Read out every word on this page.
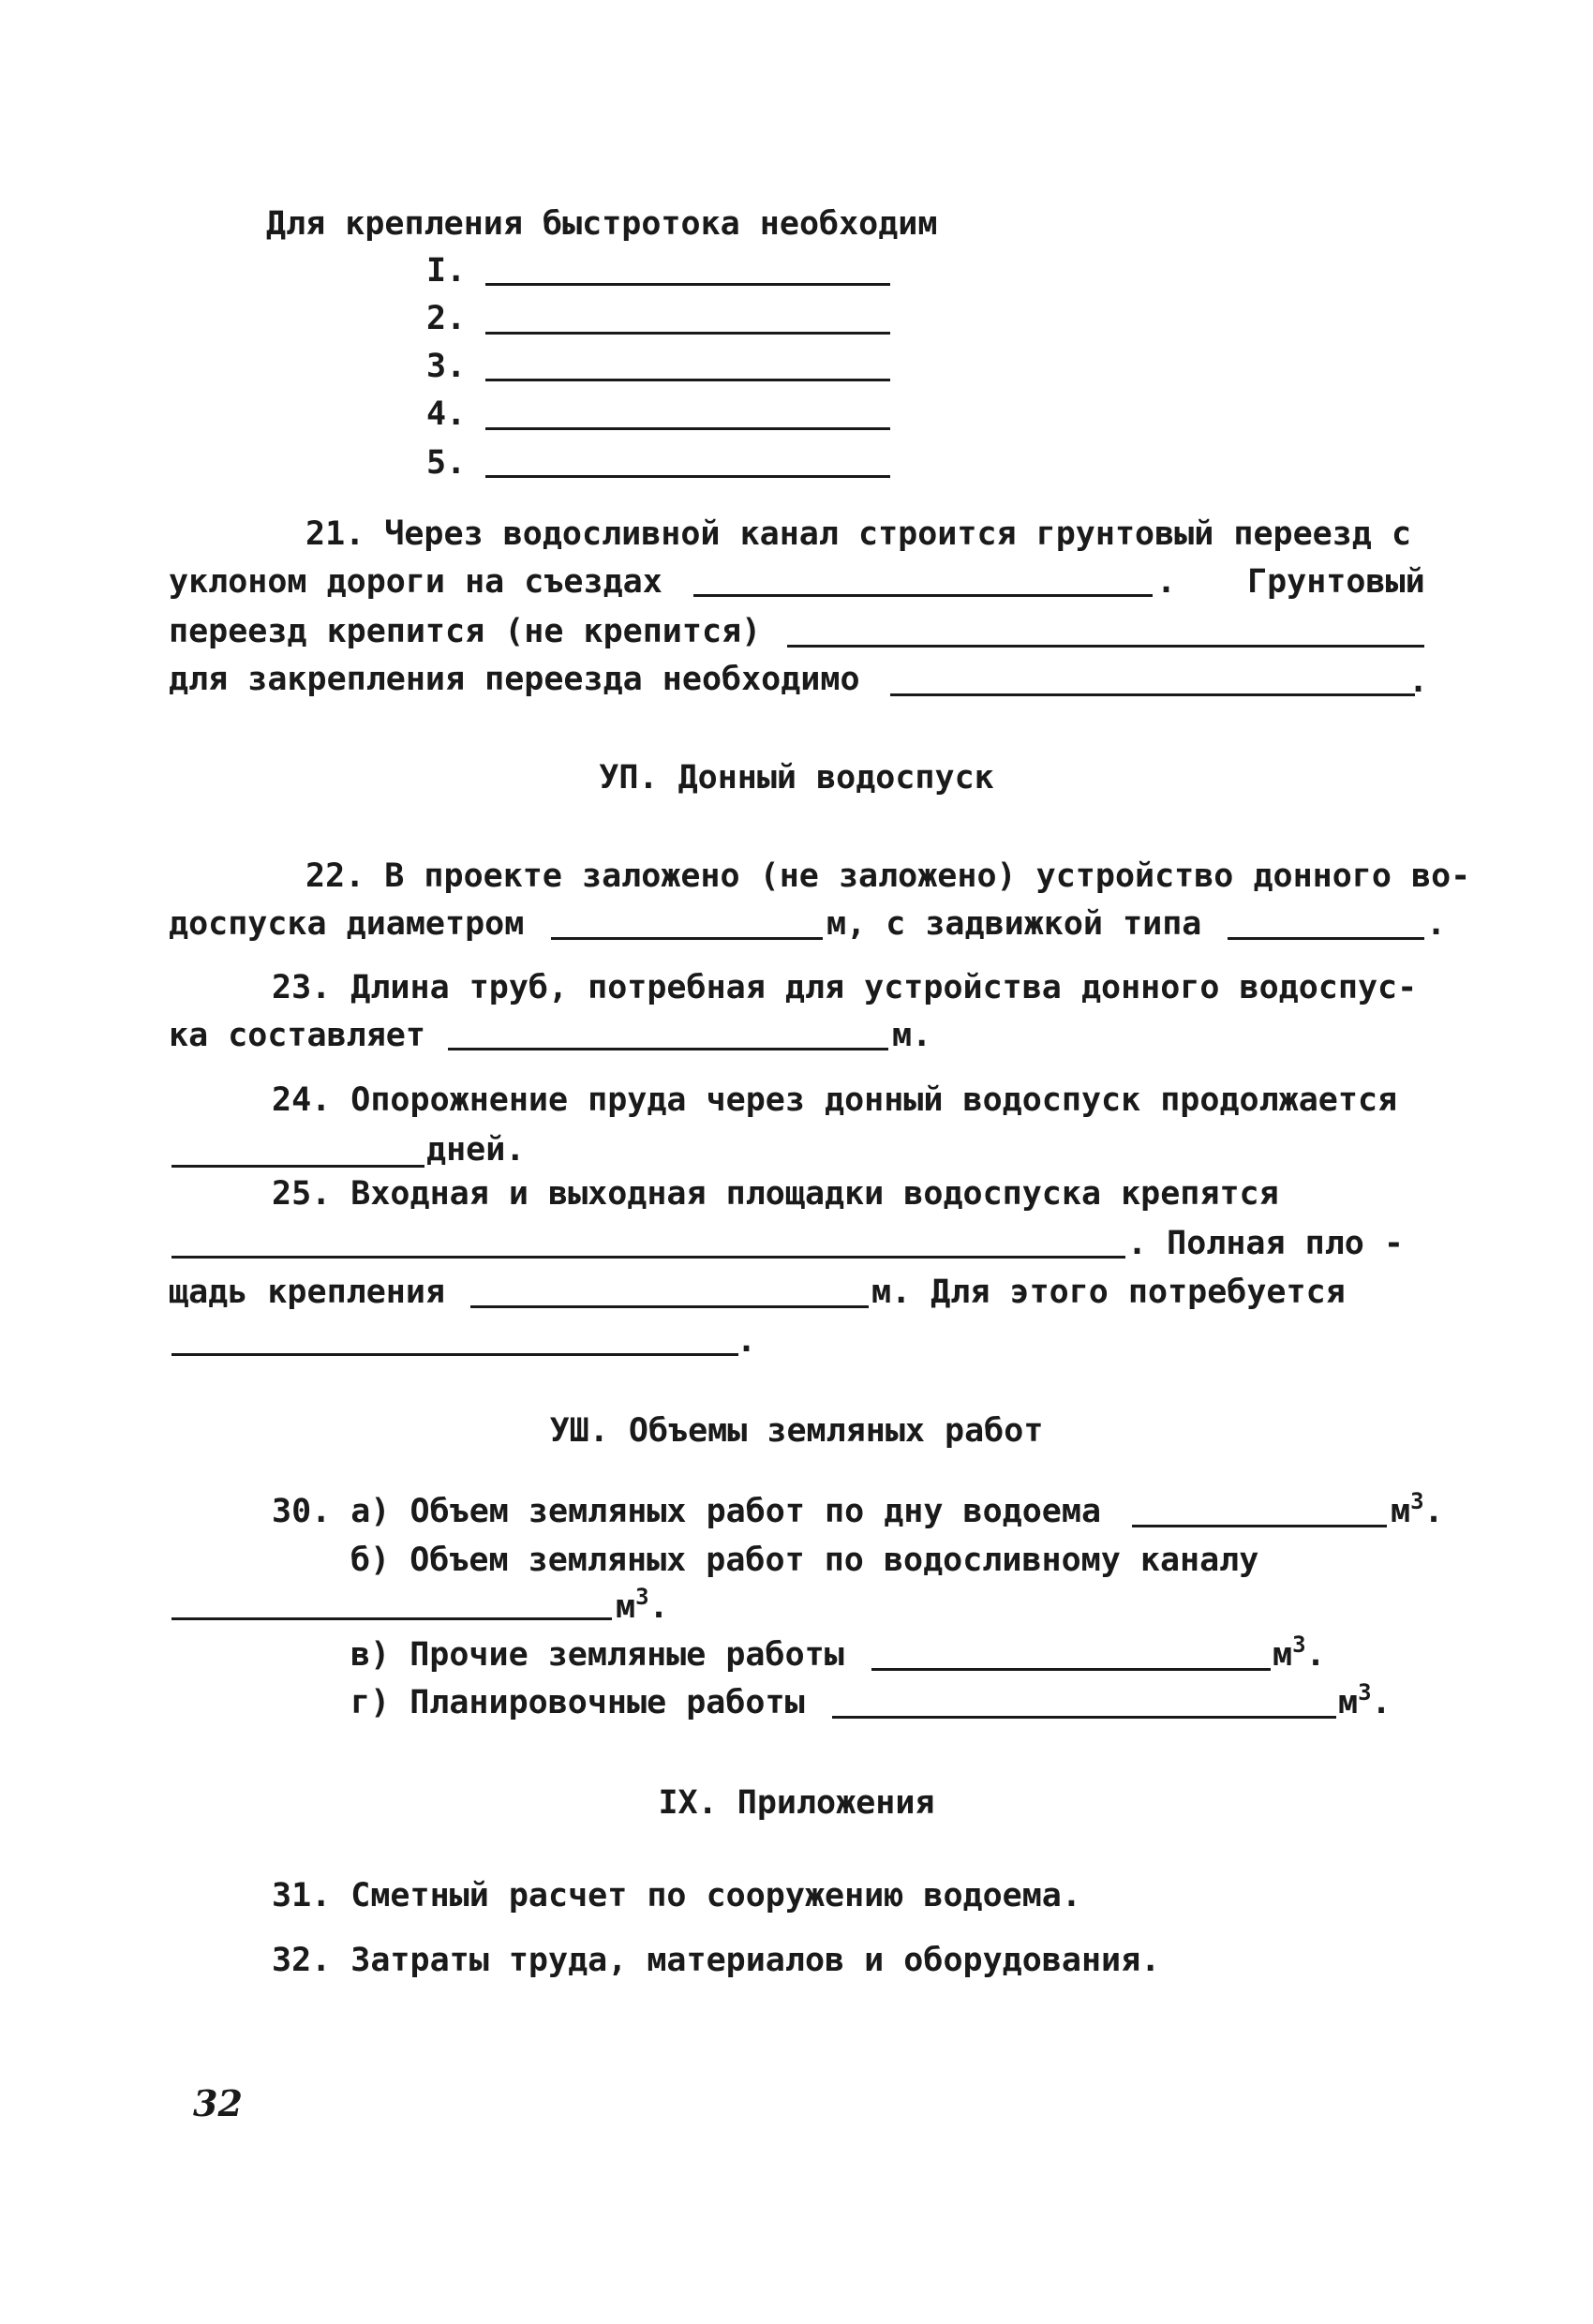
Для крепления быстротока необходим
I.
2.
3.
4.
5.
21. Через водосливной канал строится грунтовый переезд с
уклоном дороги на съездах	. Грунтовый
переезд крепится (не крепится)
для закрепления переезда необходимо	.
УП. Донный водоспуск
22. В проекте заложено (не заложено) устройство донного во-
доспуска диаметром	м, с задвижкой типа	.
23. Длина труб, потребная для устройства донного водоспус-
ка составляет	м.
24. Опорожнение пруда через донный водоспуск продолжается
дней.
25. Входная и выходная площадки водоспуска крепятся
. Полная пло -
щадь крепления	м. Для этого потребуется
.
УШ. Объемы земляных работ
30. а) Объем земляных работ по дну водоема	$м^3$.
б) Объем земляных работ по водосливному каналу
$м^3$.
в) Прочие земляные работы	$м^3$.
г) Планировочные работы	$м^3$.
IX. Приложения
31. Сметный расчет по сооружению водоема.
32. Затраты труда, материалов и оборудования.
32
